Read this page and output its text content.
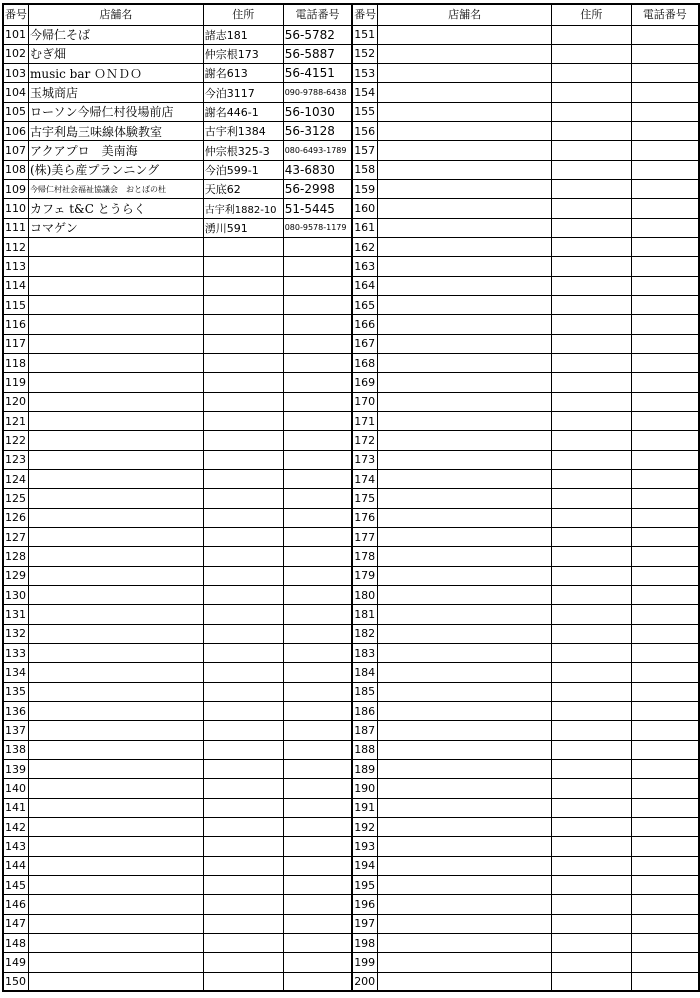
番号	店舗名	住所	電話番号	番号	店舗名	住所	電話番号
101	今帰仁そば	諸志181	56-5782	151			
102	むぎ畑	仲宗根173	56-5887	152			
103	music bar ＯＮＤＯ	謝名613	56-4151	153			
104	玉城商店	今泊3117	090-9788-6438	154			
105	ローソン今帰仁村役場前店	謝名446-1	56-1030	155			
106	古宇利島三味線体験教室	古宇利1384	56-3128	156			
107	アクアプロ　美南海	仲宗根325-3	080-6493-1789	157			
108	(株)美ら産プランニング	今泊599-1	43-6830	158			
109	今帰仁村社会福祉協議会　おとばの杜	天底62	56-2998	159			
110	カフェ t&C とうらく	古宇利1882-10	51-5445	160			
111	コマゲン	湧川591	080-9578-1179	161			
112				162			
113				163			
114				164			
115				165			
116				166			
117				167			
118				168			
119				169			
120				170			
121				171			
122				172			
123				173			
124				174			
125				175			
126				176			
127				177			
128				178			
129				179			
130				180			
131				181			
132				182			
133				183			
134				184			
135				185			
136				186			
137				187			
138				188			
139				189			
140				190			
141				191			
142				192			
143				193			
144				194			
145				195			
146				196			
147				197			
148				198			
149				199			
150				200			
